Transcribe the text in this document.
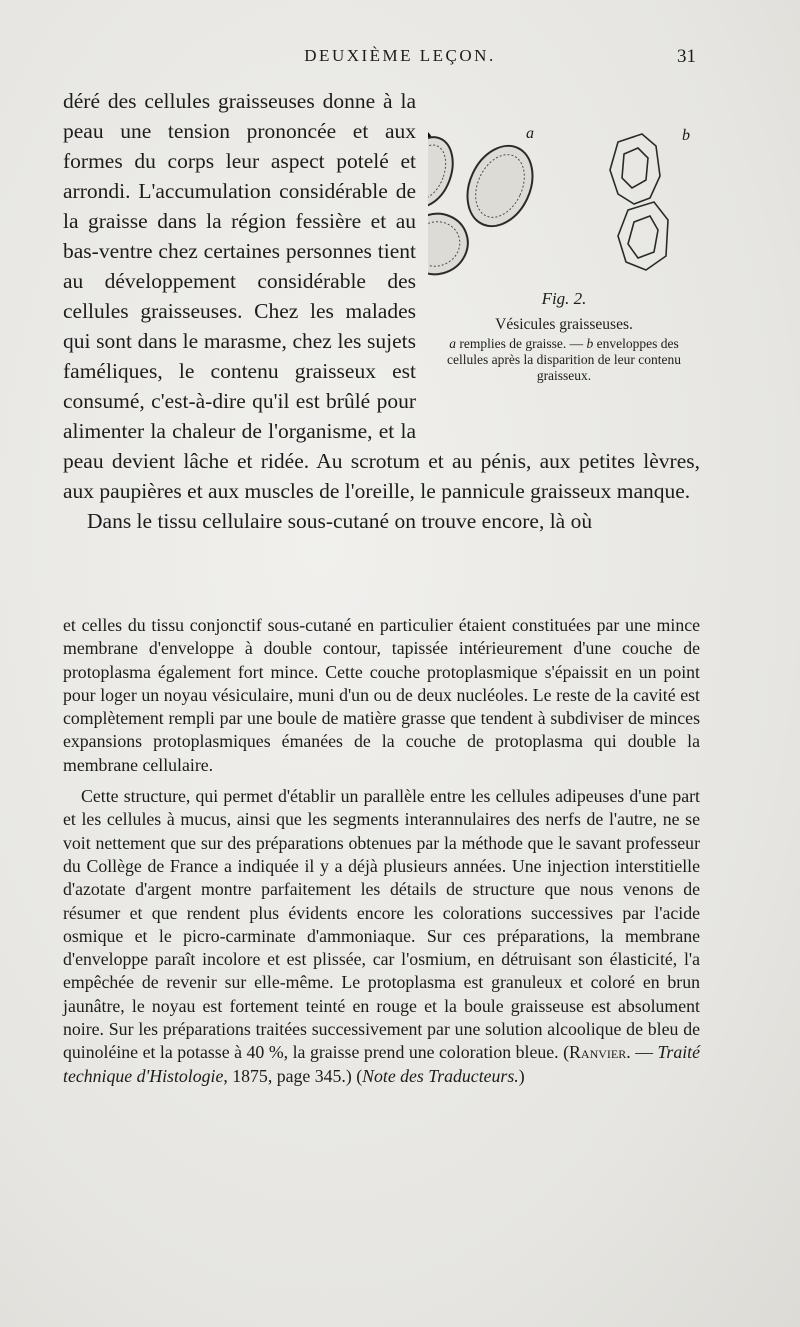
DEUXIÈME LEÇON.	31
a	b
Fig. 2.
Vésicules graisseuses.
a remplies de graisse. — b enveloppes des cellules après la disparition de leur contenu graisseux.

déré des cellules graisseuses donne à la peau une tension prononcée et aux formes du corps leur aspect potelé et arrondi. L'accumulation considérable de la graisse dans la région fessière et au bas-ventre chez certaines personnes tient au développement considérable des cellules graisseuses. Chez les malades qui sont dans le marasme, chez les sujets faméliques, le contenu graisseux est consumé, c'est-à-dire qu'il est brûlé pour alimenter la chaleur de l'organisme, et la peau devient lâche et ridée. Au scrotum et au pénis, aux petites lèvres, aux paupières et aux muscles de l'oreille, le pannicule graisseux manque.

Dans le tissu cellulaire sous-cutané on trouve encore, là où

et celles du tissu conjonctif sous-cutané en particulier étaient constituées par une mince membrane d'enveloppe à double contour, tapissée intérieurement d'une couche de protoplasma également fort mince. Cette couche protoplasmique s'épaissit en un point pour loger un noyau vésiculaire, muni d'un ou de deux nucléoles. Le reste de la cavité est complètement rempli par une boule de matière grasse que tendent à subdiviser de minces expansions protoplasmiques émanées de la couche de protoplasma qui double la membrane cellulaire.

Cette structure, qui permet d'établir un parallèle entre les cellules adipeuses d'une part et les cellules à mucus, ainsi que les segments interannulaires des nerfs de l'autre, ne se voit nettement que sur des préparations obtenues par la méthode que le savant professeur du Collège de France a indiquée il y a déjà plusieurs années. Une injection interstitielle d'azotate d'argent montre parfaitement les détails de structure que nous venons de résumer et que rendent plus évidents encore les colorations successives par l'acide osmique et le picro-carminate d'ammoniaque. Sur ces préparations, la membrane d'enveloppe paraît incolore et est plissée, car l'osmium, en détruisant son élasticité, l'a empêchée de revenir sur elle-même. Le protoplasma est granuleux et coloré en brun jaunâtre, le noyau est fortement teinté en rouge et la boule graisseuse est absolument noire. Sur les préparations traitées successivement par une solution alcoolique de bleu de quinoléine et la potasse à 40 %, la graisse prend une coloration bleue. (Ranvier. — Traité technique d'Histologie, 1875, page 345.) (Note des Traducteurs.)
